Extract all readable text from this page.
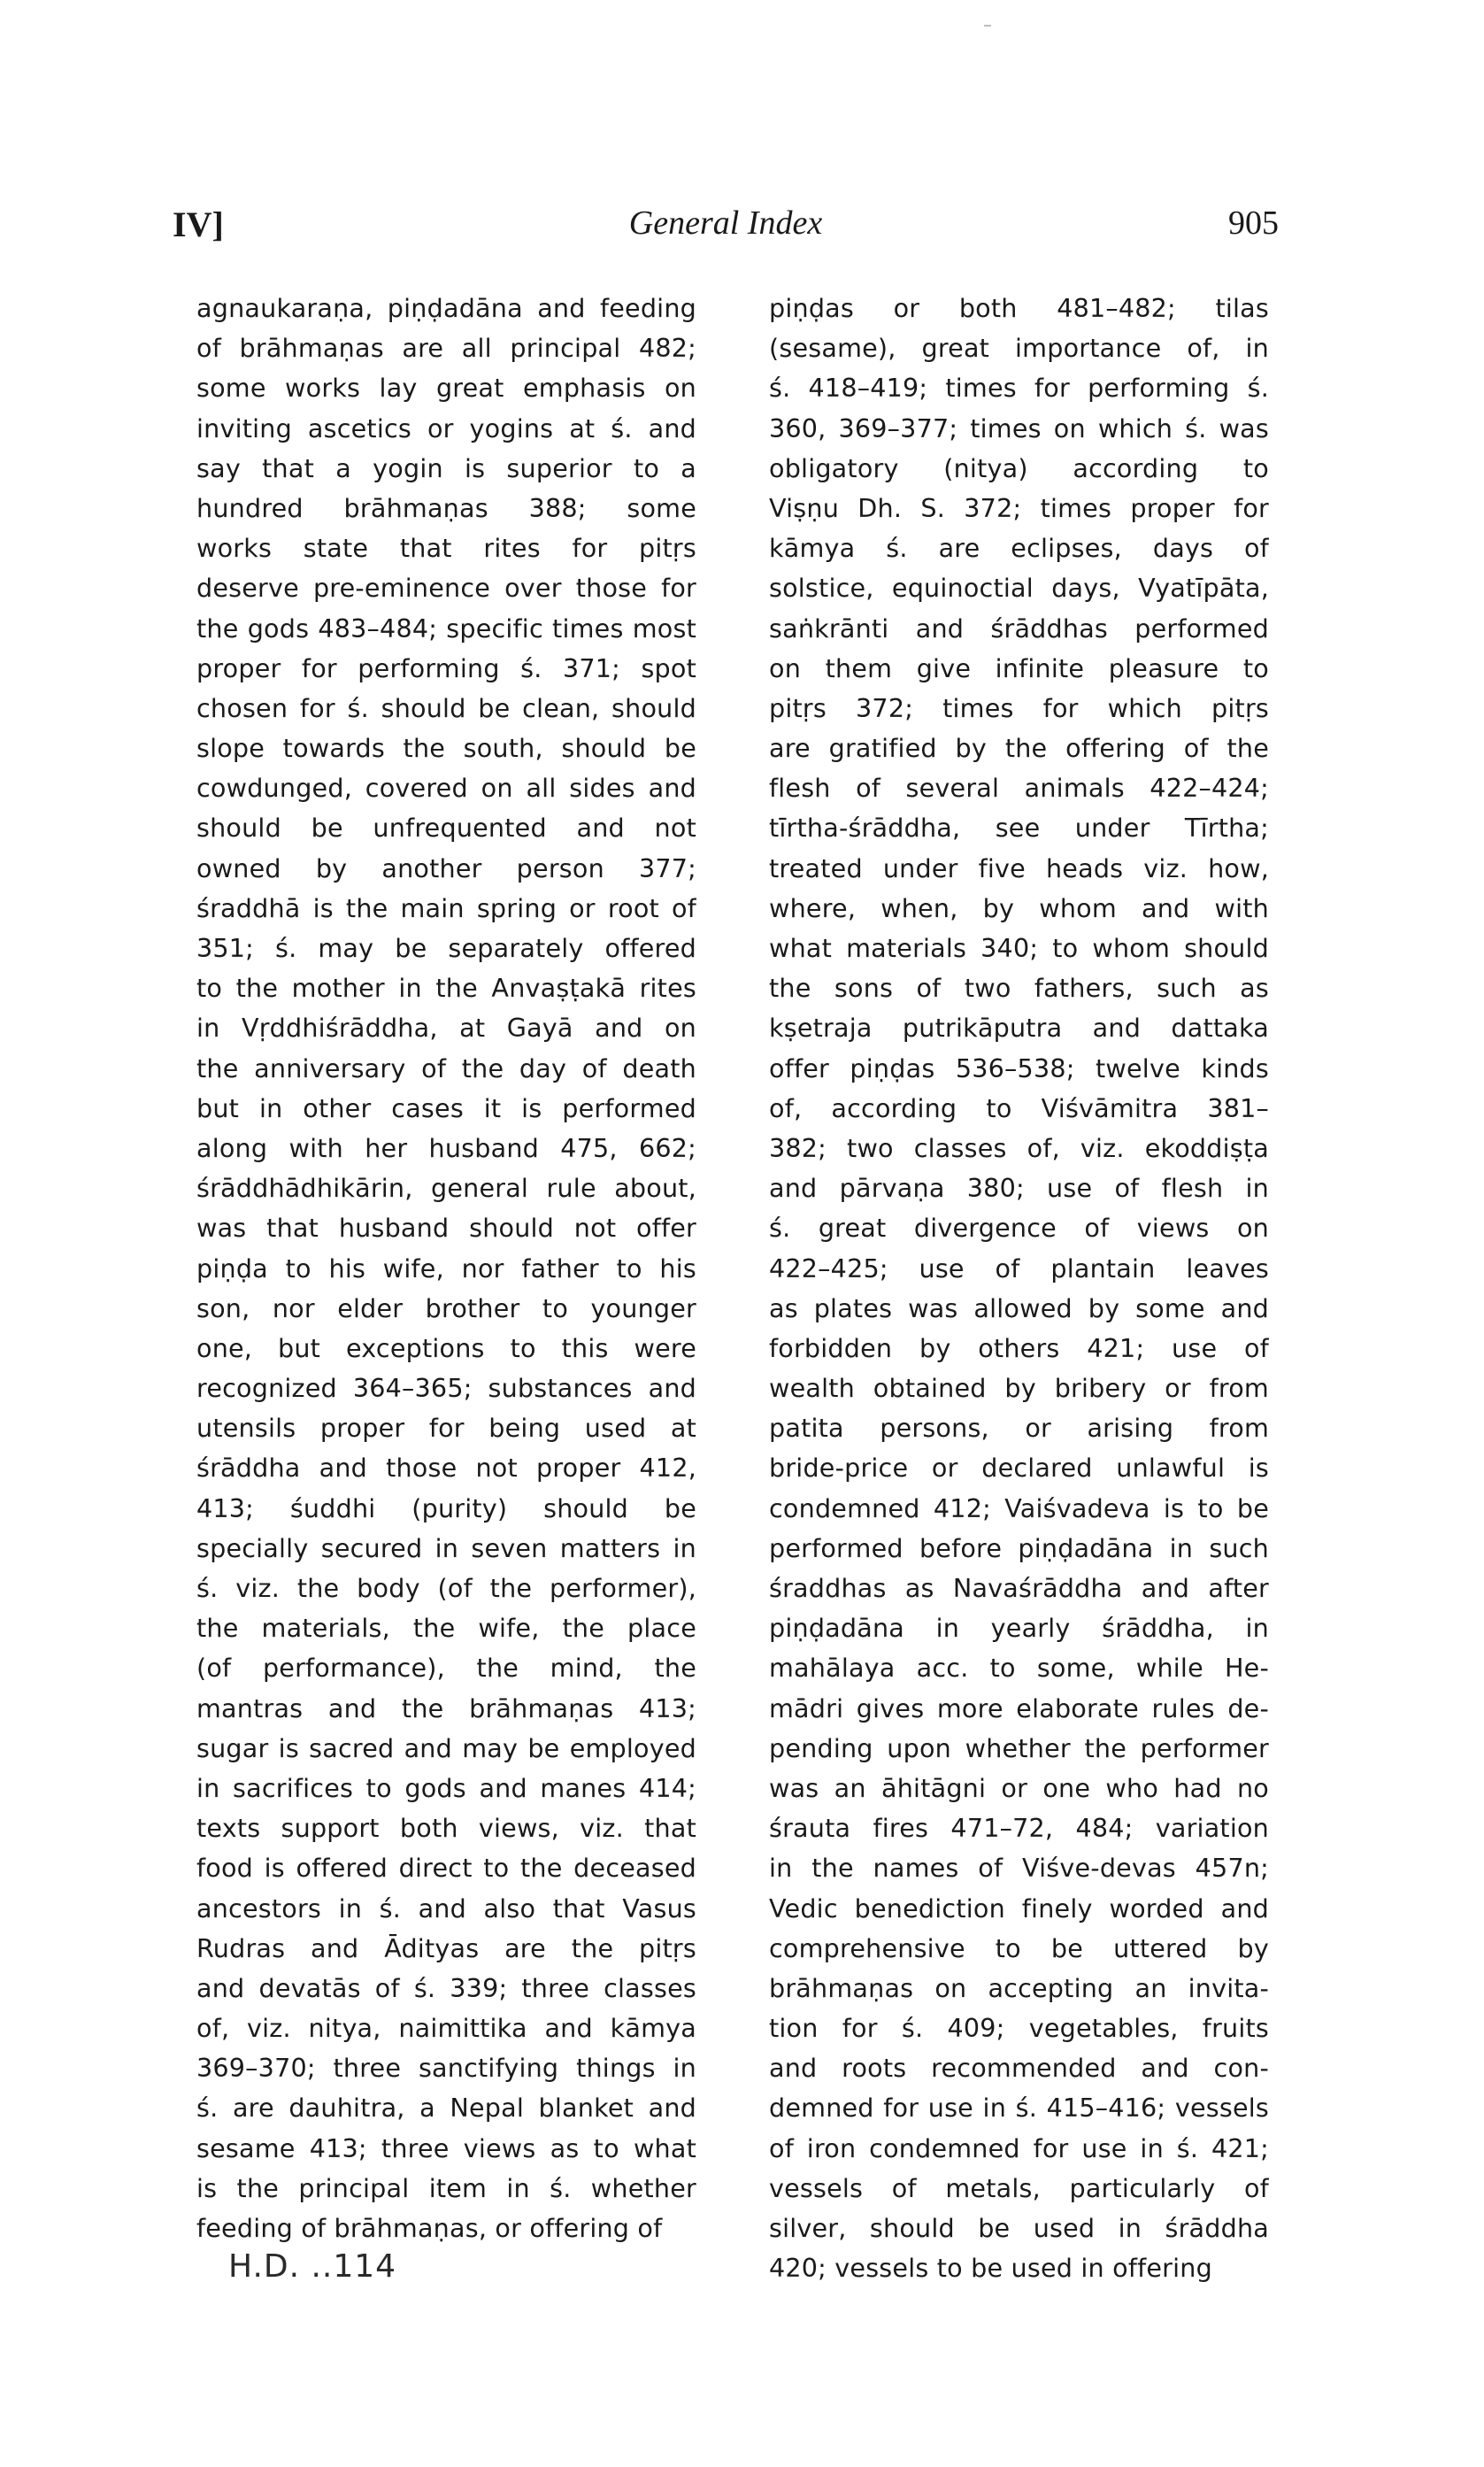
IV]	General Index	905
agnaukaraṇa, piṇḍadāna and feeding
of brāhmaṇas are all principal 482;
some works lay great emphasis on
inviting ascetics or yogins at ś. and
say that a yogin is superior to a
hundred brāhmaṇas 388; some
works state that rites for pitṛs
deserve pre-eminence over those for
the gods 483–484; specific times most
proper for performing ś. 371; spot
chosen for ś. should be clean, should
slope towards the south, should be
cowdunged, covered on all sides and
should be unfrequented and not
owned by another person 377;
śraddhā is the main spring or root of
351; ś. may be separately offered
to the mother in the Anvaṣṭakā rites
in Vṛddhiśrāddha, at Gayā and on
the anniversary of the day of death
but in other cases it is performed
along with her husband 475, 662;
śrāddhādhikārin, general rule about,
was that husband should not offer
piṇḍa to his wife, nor father to his
son, nor elder brother to younger
one, but exceptions to this were
recognized 364–365; substances and
utensils proper for being used at
śrāddha and those not proper 412,
413; śuddhi (purity) should be
specially secured in seven matters in
ś. viz. the body (of the performer),
the materials, the wife, the place
(of performance), the mind, the
mantras and the brāhmaṇas 413;
sugar is sacred and may be employed
in sacrifices to gods and manes 414;
texts support both views, viz. that
food is offered direct to the deceased
ancestors in ś. and also that Vasus
Rudras and Ādityas are the pitṛs
and devatās of ś. 339; three classes
of, viz. nitya, naimittika and kāmya
369–370; three sanctifying things in
ś. are dauhitra, a Nepal blanket and
sesame 413; three views as to what
is the principal item in ś. whether
feeding of brāhmaṇas, or offering of
piṇḍas or both 481–482; tilas
(sesame), great importance of, in
ś. 418–419; times for performing ś.
360, 369–377; times on which ś. was
obligatory (nitya) according to
Viṣṇu Dh. S. 372; times proper for
kāmya ś. are eclipses, days of
solstice, equinoctial days, Vyatīpāta,
saṅkrānti and śrāddhas performed
on them give infinite pleasure to
pitṛs 372; times for which pitṛs
are gratified by the offering of the
flesh of several animals 422–424;
tīrtha-śrāddha, see under Tīrtha;
treated under five heads viz. how,
where, when, by whom and with
what materials 340; to whom should
the sons of two fathers, such as
kṣetraja putrikāputra and dattaka
offer piṇḍas 536–538; twelve kinds
of, according to Viśvāmitra 381–
382; two classes of, viz. ekoddiṣṭa
and pārvaṇa 380; use of flesh in
ś. great divergence of views on
422–425; use of plantain leaves
as plates was allowed by some and
forbidden by others 421; use of
wealth obtained by bribery or from
patita persons, or arising from
bride-price or declared unlawful is
condemned 412; Vaiśvadeva is to be
performed before piṇḍadāna in such
śraddhas as Navaśrāddha and after
piṇḍadāna in yearly śrāddha, in
mahālaya acc. to some, while He-
mādri gives more elaborate rules de-
pending upon whether the performer
was an āhitāgni or one who had no
śrauta fires 471–72, 484; variation
in the names of Viśve-devas 457n;
Vedic benediction finely worded and
comprehensive to be uttered by
brāhmaṇas on accepting an invita-
tion for ś. 409; vegetables, fruits
and roots recommended and con-
demned for use in ś. 415–416; vessels
of iron condemned for use in ś. 421;
vessels of metals, particularly of
silver, should be used in śrāddha
420; vessels to be used in offering
H.D. ..114
